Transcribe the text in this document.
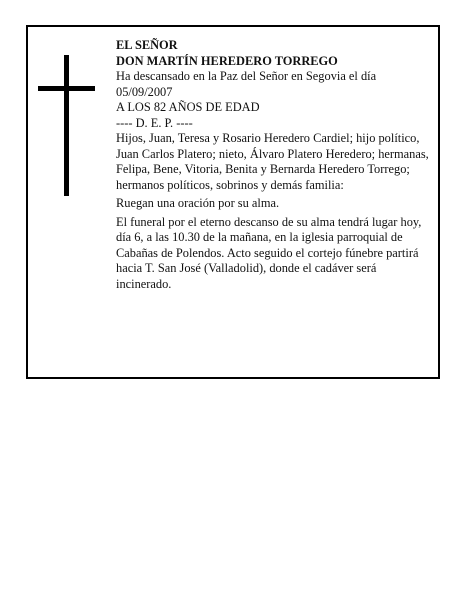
EL SEÑOR

DON MARTÍN HEREDERO TORREGO

Ha descansado en la Paz del Señor en Segovia el día 05/09/2007

A LOS 82 AÑOS DE EDAD

---- D. E. P. ----

Hijos, Juan, Teresa y Rosario Heredero Cardiel; hijo político, Juan Carlos Platero; nieto, Álvaro Platero Heredero; hermanas, Felipa, Bene, Vitoria, Benita y Bernarda Heredero Torrego; hermanos políticos, sobrinos y demás familia:

Ruegan una oración por su alma.

El funeral por el eterno descanso de su alma tendrá lugar hoy, día 6, a las 10.30 de la mañana, en la iglesia parroquial de Cabañas de Polendos. Acto seguido el cortejo fúnebre partirá hacia T. San José (Valladolid), donde el cadáver será incinerado.
